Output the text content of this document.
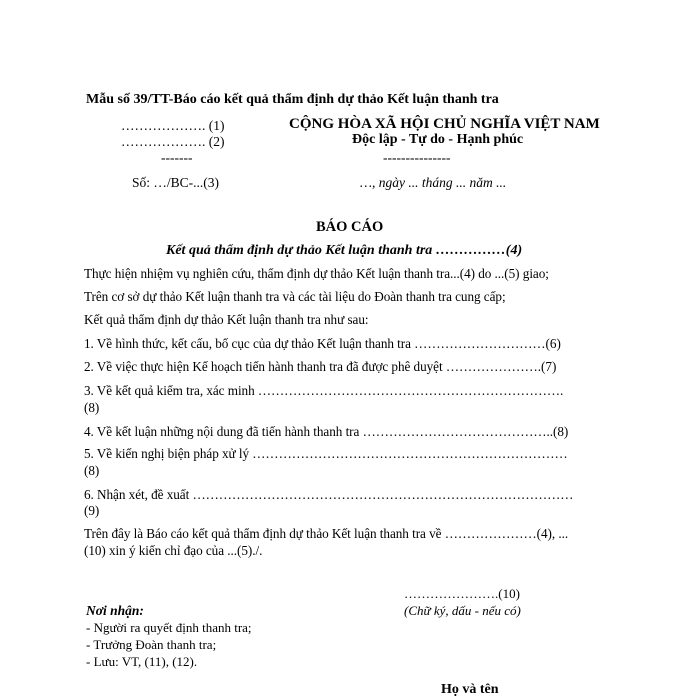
Mẫu số 39/TT-Báo cáo kết quả thẩm định dự thảo Kết luận thanh tra
………………. (1)
………………. (2)
-------
Số: …/BC-...(3)
CỘNG HÒA XÃ HỘI CHỦ NGHĨA VIỆT NAM
Độc lập - Tự do - Hạnh phúc
---------------
…, ngày ... tháng ... năm ...
BÁO CÁO
Kết quả thẩm định dự thảo Kết luận thanh tra ……………(4)
Thực hiện nhiệm vụ nghiên cứu, thẩm định dự thảo Kết luận thanh tra...(4) do ...(5) giao;
Trên cơ sở dự thảo Kết luận thanh tra và các tài liệu do Đoàn thanh tra cung cấp;
Kết quả thẩm định dự thảo Kết luận thanh tra như sau:
1. Về hình thức, kết cấu, bố cục của dự thảo Kết luận thanh tra …………………………(6)
2. Về việc thực hiện Kế hoạch tiến hành thanh tra đã được phê duyệt ………………….(7)
3. Về kết quả kiểm tra, xác minh …………………………………………………………….
(8)
4. Về kết luận những nội dung đã tiến hành thanh tra ……………………………………..(8)
5. Về kiến nghị biện pháp xử lý ………………………………………………………………
(8)
6. Nhận xét, đề xuất ……………………………………………………………………………
(9)
Trên đây là Báo cáo kết quả thẩm định dự thảo Kết luận thanh tra về …………………(4), ...
(10) xin ý kiến chỉ đạo của ...(5)./.
………………….(10)
(Chữ ký, dấu - nếu có)
Họ và tên
Nơi nhận:
- Người ra quyết định thanh tra;
- Trưởng Đoàn thanh tra;
- Lưu: VT, (11), (12).
